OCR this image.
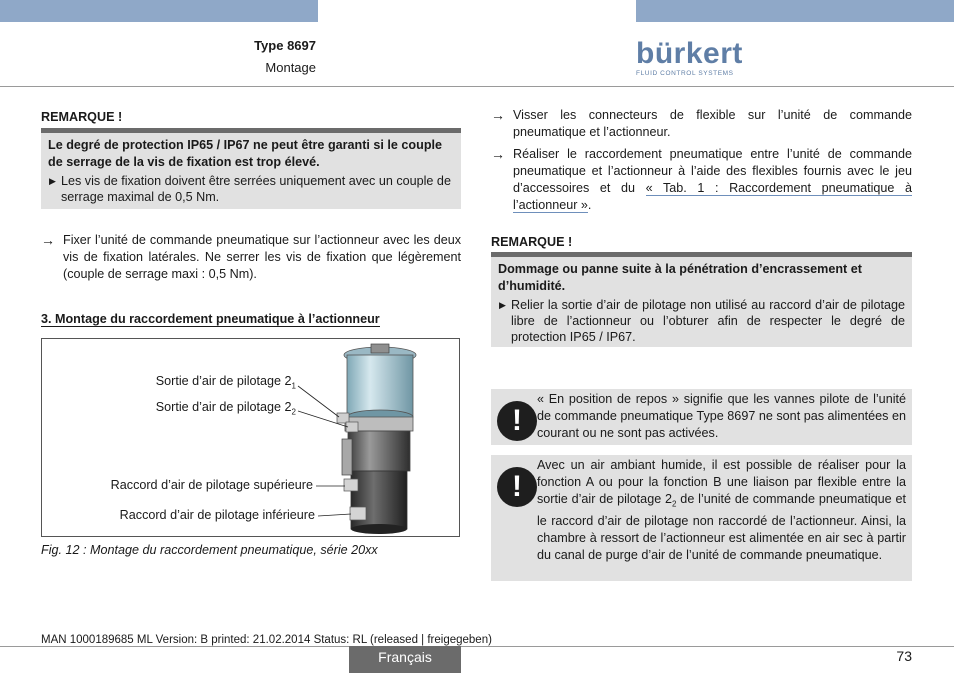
Type 8697
Montage	bürkert
FLUID CONTROL SYSTEMS
REMARQUE !
Le degré de protection IP65 / IP67 ne peut être garanti si le couple de serrage de la vis de fixation est trop élevé.
▶ Les vis de fixation doivent être serrées uniquement avec un couple de serrage maximal de 0,5 Nm.
→ Fixer l’unité de commande pneumatique sur l’actionneur avec les deux vis de fixation latérales. Ne serrer les vis de fixation que légèrement (couple de serrage maxi : 0,5 Nm).
3. Montage du raccordement pneumatique à l’actionneur
Sortie d’air de pilotage $2_1$
Sortie d’air de pilotage $2_2$
Raccord d’air de pilotage supérieure
Raccord d’air de pilotage inférieure
Fig. 12 : Montage du raccordement pneumatique, série 20xx
→ Visser les connecteurs de flexible sur l’unité de commande pneumatique et l’actionneur.
→ Réaliser le raccordement pneumatique entre l’unité de commande pneumatique et l’actionneur à l’aide des flexibles fournis avec le jeu d’accessoires et du « Tab. 1 : Raccordement pneumatique à l’actionneur ».
REMARQUE !
Dommage ou panne suite à la pénétration d’encrassement et d’humidité.
▶ Relier la sortie d’air de pilotage non utilisé au raccord d’air de pilotage libre de l’actionneur ou l’obturer afin de respecter le degré de protection IP65 / IP67.
!
« En position de repos » signifie que les vannes pilote de l’unité de commande pneumatique Type 8697 ne sont pas alimentées en courant ou ne sont pas activées.
!
Avec un air ambiant humide, il est possible de réaliser pour la fonction A ou pour la fonction B une liaison par flexible entre la sortie d’air de pilotage $2_2$ de l’unité de commande pneumatique et le raccord d’air de pilotage non raccordé de l’actionneur. Ainsi, la chambre à ressort de l’actionneur est alimentée en air sec à partir du canal de purge d’air de l’unité de commande pneumatique.
MAN 1000189685 ML Version: B printed: 21.02.2014 Status: RL (released | freigegeben)
Français	73
